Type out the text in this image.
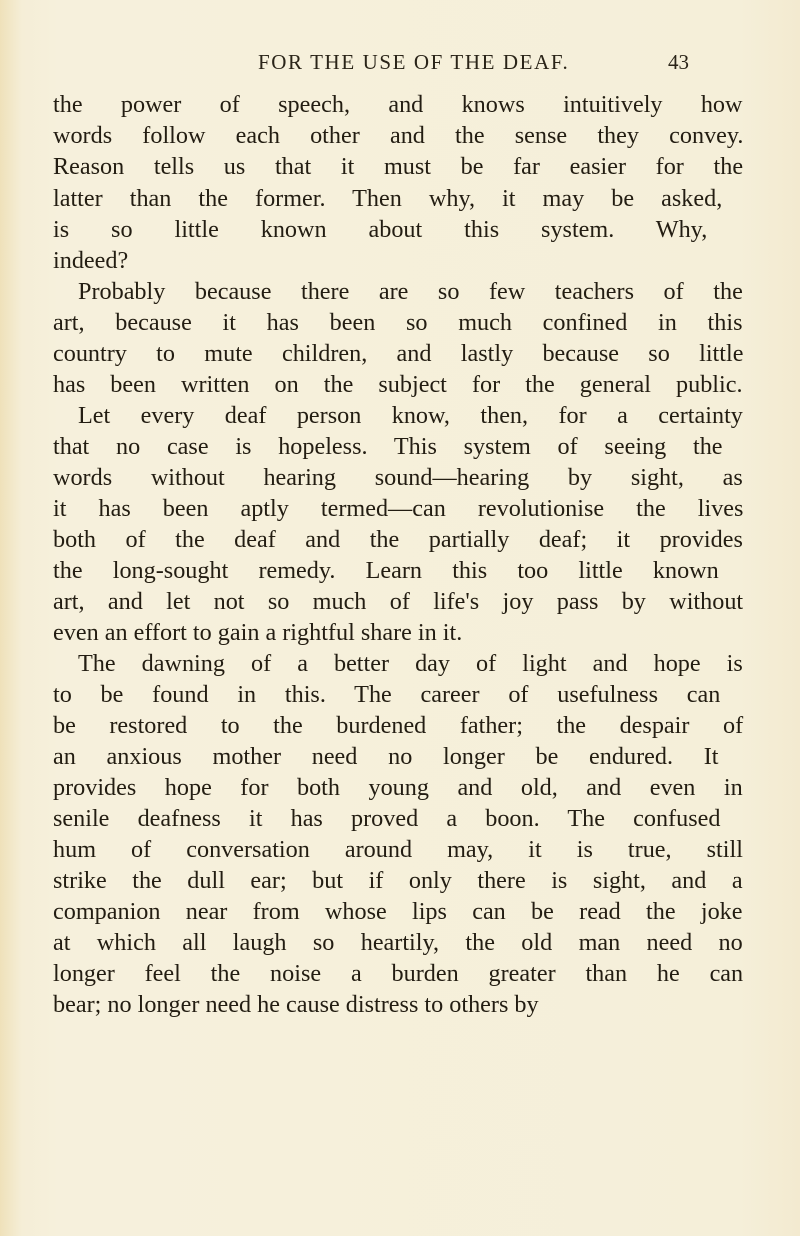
FOR THE USE OF THE DEAF.	43
the power of speech, and knows intuitively how
words follow each other and the sense they convey.
Reason tells us that it must be far easier for the
latter than the former. Then why, it may be asked,
is so little known about this system. Why,
indeed?
Probably because there are so few teachers of the
art, because it has been so much confined in this
country to mute children, and lastly because so little
has been written on the subject for the general public.
Let every deaf person know, then, for a certainty
that no case is hopeless. This system of seeing the
words without hearing sound—hearing by sight, as
it has been aptly termed—can revolutionise the lives
both of the deaf and the partially deaf; it provides
the long-sought remedy. Learn this too little known
art, and let not so much of life's joy pass by without
even an effort to gain a rightful share in it.
The dawning of a better day of light and hope is
to be found in this. The career of usefulness can
be restored to the burdened father; the despair of
an anxious mother need no longer be endured. It
provides hope for both young and old, and even in
senile deafness it has proved a boon. The confused
hum of conversation around may, it is true, still
strike the dull ear; but if only there is sight, and a
companion near from whose lips can be read the joke
at which all laugh so heartily, the old man need no
longer feel the noise a burden greater than he can
bear; no longer need he cause distress to others by
